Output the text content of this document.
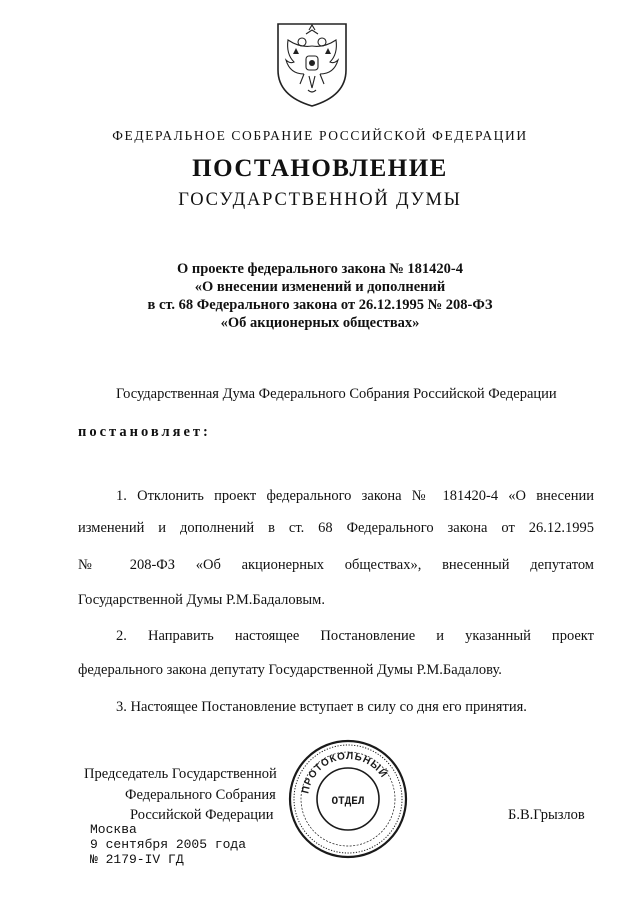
ФЕДЕРАЛЬНОЕ СОБРАНИЕ РОССИЙСКОЙ ФЕДЕРАЦИИ
ПОСТАНОВЛЕНИЕ
ГОСУДАРСТВЕННОЙ ДУМЫ
О проекте федерального закона № 181420-4
«О внесении изменений и дополнений
в ст. 68 Федерального закона от 26.12.1995 № 208-ФЗ
«Об акционерных обществах»
Государственная Дума Федерального Собрания Российской Федерации
постановляет:
1. Отклонить проект федерального закона № 181420-4 «О внесении
изменений и дополнений в ст. 68 Федерального закона от 26.12.1995
№ 208-ФЗ «Об акционерных обществах», внесенный депутатом
Государственной Думы Р.М.Бадаловым.
2. Направить настоящее Постановление и указанный проект
федерального закона депутату Государственной Думы Р.М.Бадалову.
3. Настоящее Постановление вступает в силу со дня его принятия.
Председатель Государственной
Федерального Собрания
Российской Федерации	Б.В.Грызлов
ПРОТОКОЛЬНЫЙ
ОТДЕЛ
Москва
9 сентября 2005 года
№ 2179-IV ГД
